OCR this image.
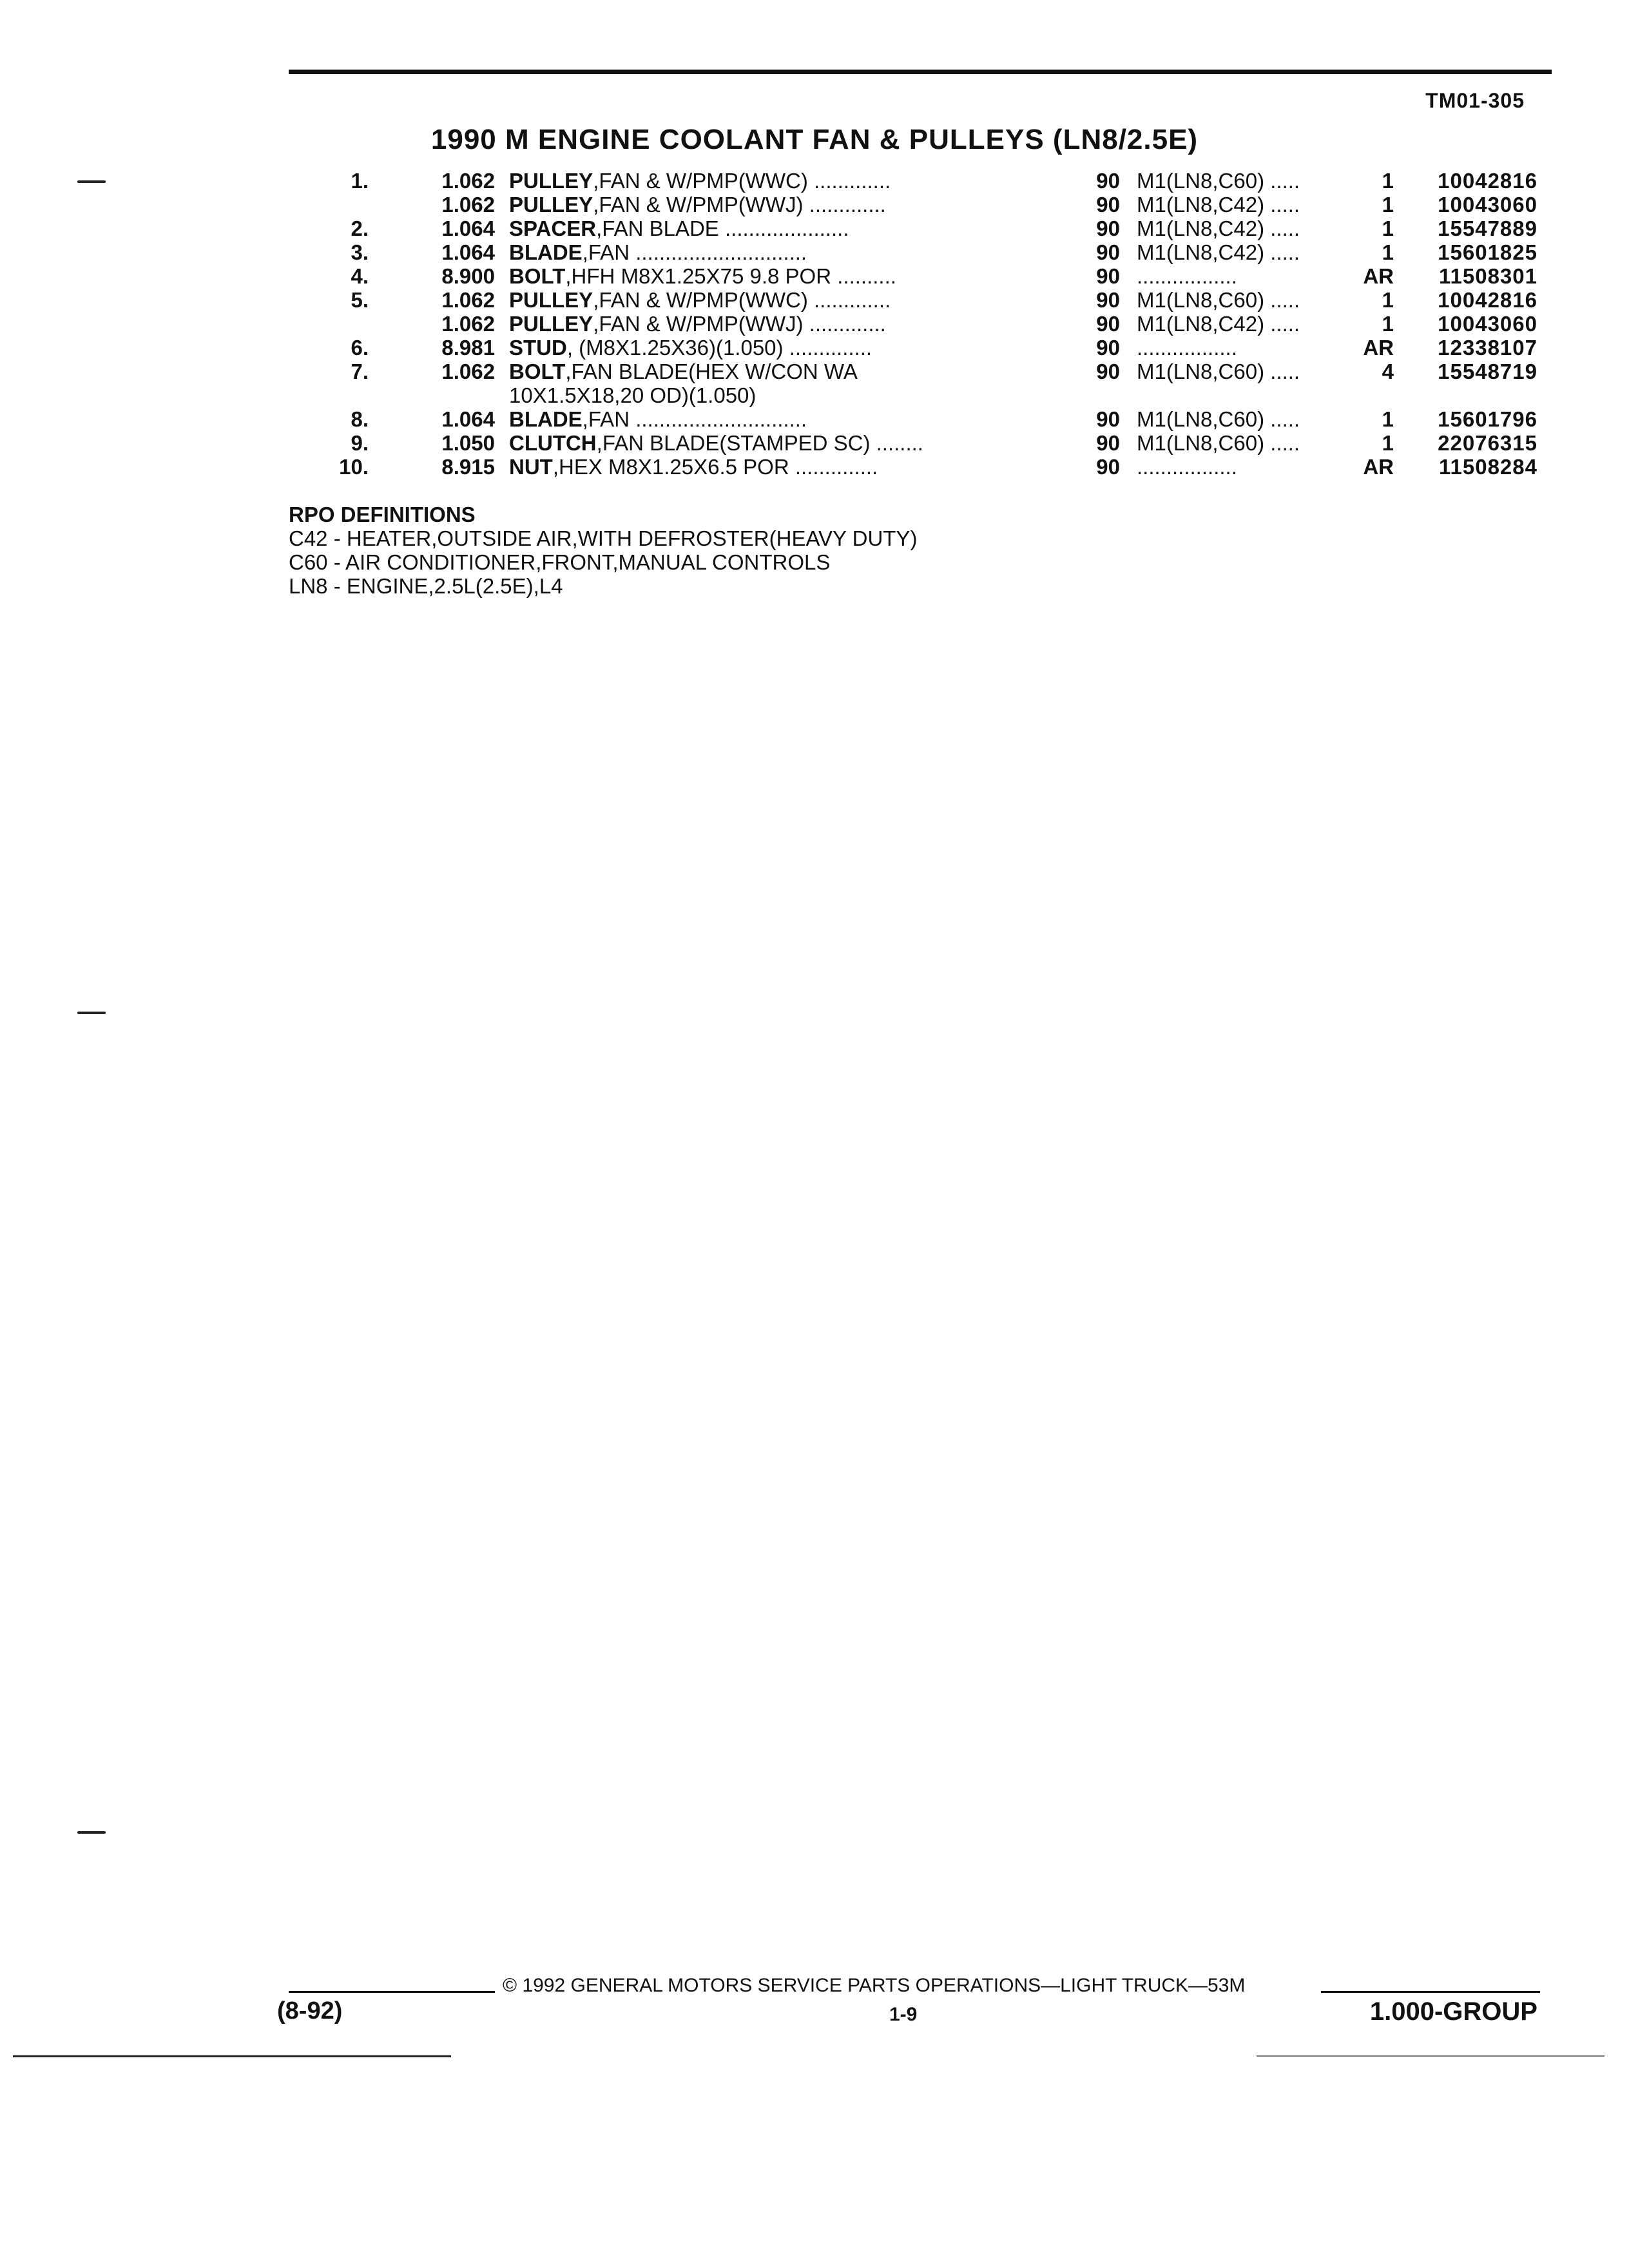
TM01-305
1990 M ENGINE COOLANT FAN & PULLEYS (LN8/2.5E)
1.	1.062 PULLEY,FAN & W/PMP(WWC) .............	90 M1(LN8,C60) .....	1 10042816
1.062 PULLEY,FAN & W/PMP(WWJ) .............	90 M1(LN8,C42) .....	1 10043060
2.	1.064 SPACER,FAN BLADE .....................	90 M1(LN8,C42) .....	1 15547889
3.	1.064 BLADE,FAN .............................	90 M1(LN8,C42) .....	1 15601825
4.	8.900 BOLT,HFH M8X1.25X75 9.8 POR ..........	90 .................	AR 11508301
5.	1.062 PULLEY,FAN & W/PMP(WWC) .............	90 M1(LN8,C60) .....	1 10042816
1.062 PULLEY,FAN & W/PMP(WWJ) .............	90 M1(LN8,C42) .....	1 10043060
6.	8.981 STUD, (M8X1.25X36)(1.050) ..............	90 .................	AR 12338107
7.	1.062 BOLT,FAN BLADE(HEX W/CON WA	90 M1(LN8,C60) .....	4 15548719
10X1.5X18,20 OD)(1.050)
8.	1.064 BLADE,FAN .............................	90 M1(LN8,C60) .....	1 15601796
9.	1.050 CLUTCH,FAN BLADE(STAMPED SC) ........	90 M1(LN8,C60) .....	1 22076315
10.	8.915 NUT,HEX M8X1.25X6.5 POR ..............	90 .................	AR 11508284
RPO DEFINITIONS
C42 - HEATER,OUTSIDE AIR,WITH DEFROSTER(HEAVY DUTY)
C60 - AIR CONDITIONER,FRONT,MANUAL CONTROLS
LN8 - ENGINE,2.5L(2.5E),L4
© 1992 GENERAL MOTORS SERVICE PARTS OPERATIONS—LIGHT TRUCK—53M
(8-92)	1-9	1.000-GROUP
